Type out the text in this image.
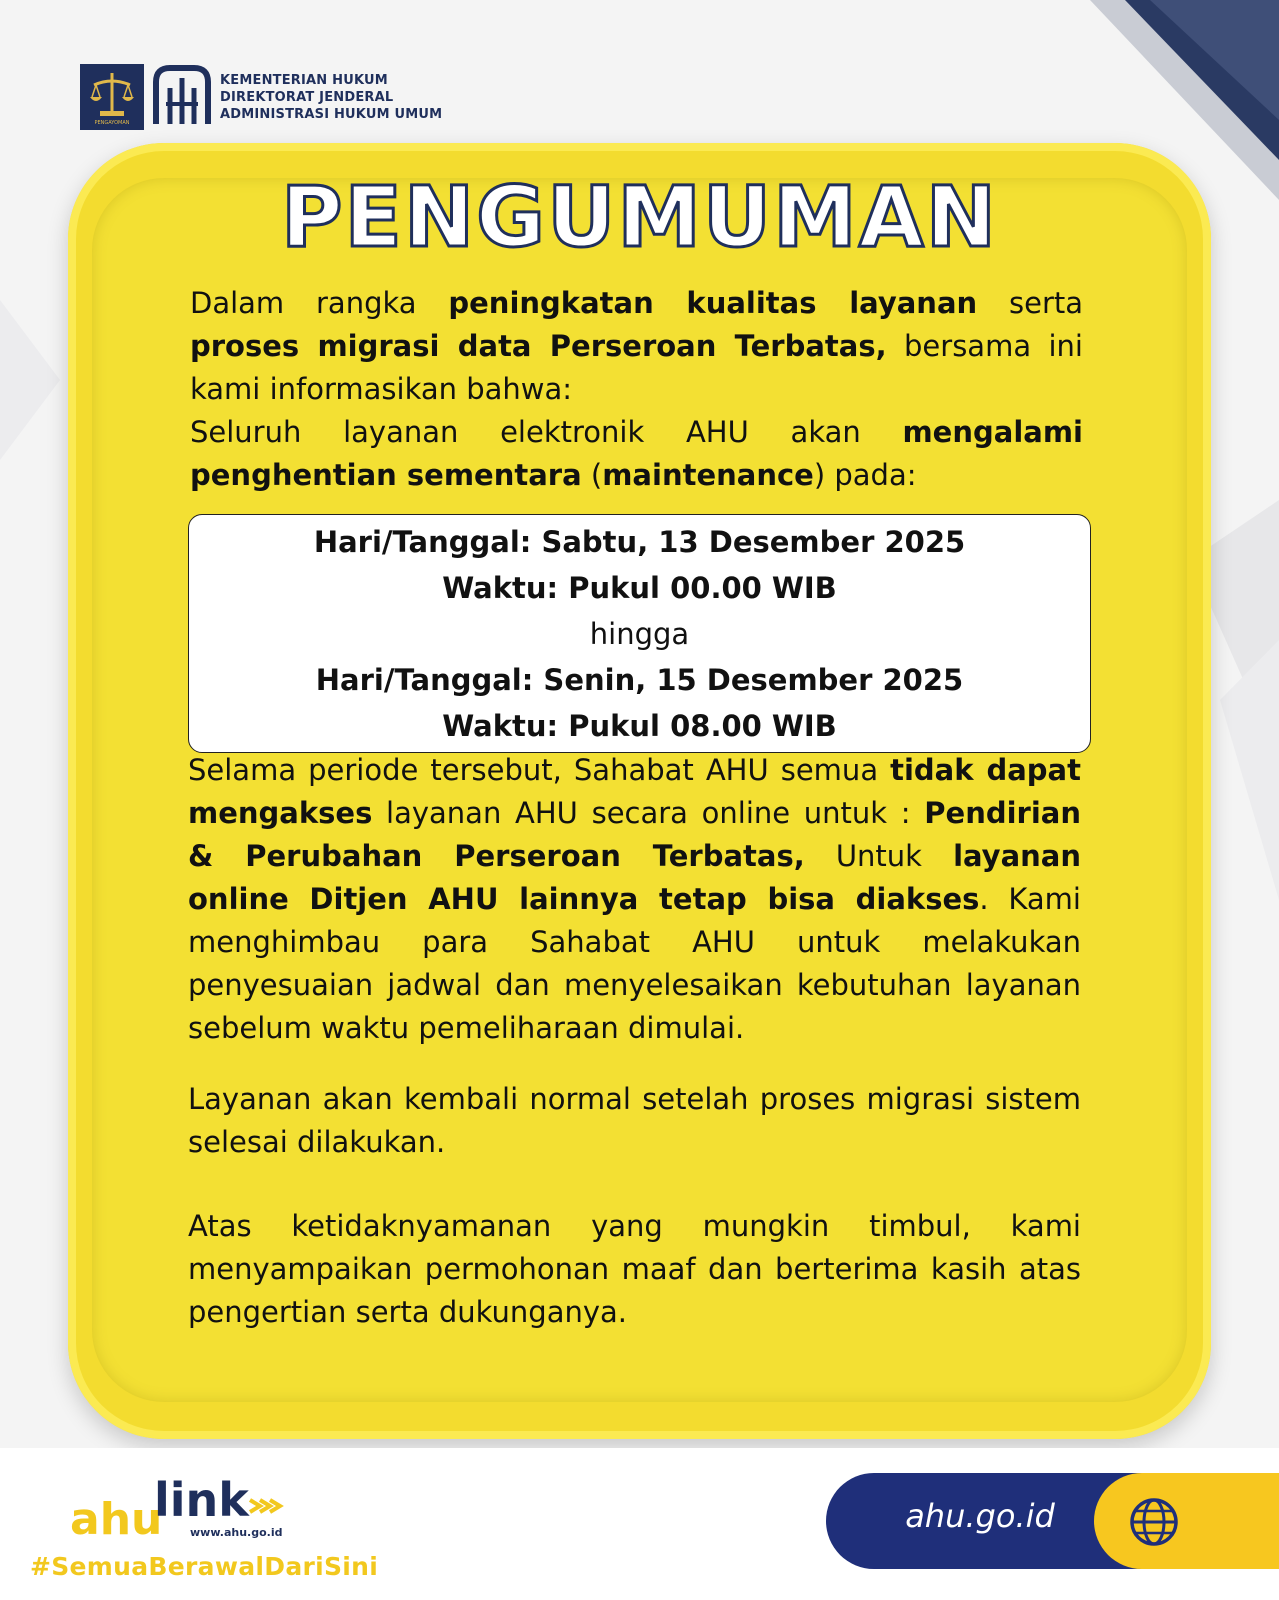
PENGAYOMAN
KEMENTERIAN HUKUM
DIREKTORAT JENDERAL
ADMINISTRASI HUKUM UMUM
PENGUMUMAN
Dalam rangka peningkatan kualitas layanan serta proses migrasi data Perseroan Terbatas, bersama ini kami informasikan bahwa:
Seluruh layanan elektronik AHU akan mengalami penghentian sementara (maintenance) pada:
Hari/Tanggal: Sabtu, 13 Desember 2025
Waktu: Pukul 00.00 WIB
hingga
Hari/Tanggal: Senin, 15 Desember 2025
Waktu: Pukul 08.00 WIB
Selama periode tersebut, Sahabat AHU semua tidak dapat mengakses layanan AHU secara online untuk : Pendirian & Perubahan Perseroan Terbatas, Untuk layanan online Ditjen AHU lainnya tetap bisa diakses. Kami menghimbau para Sahabat AHU untuk melakukan penyesuaian jadwal dan menyelesaikan kebutuhan layanan sebelum waktu pemeliharaan dimulai.
Layanan akan kembali normal setelah proses migrasi sistem selesai dilakukan.
Atas ketidaknyamanan yang mungkin timbul, kami menyampaikan permohonan maaf dan berterima kasih atas pengertian serta dukunganya.
ahu
link
www.ahu.go.id
#SemuaBerawalDariSini
ahu.go.id
